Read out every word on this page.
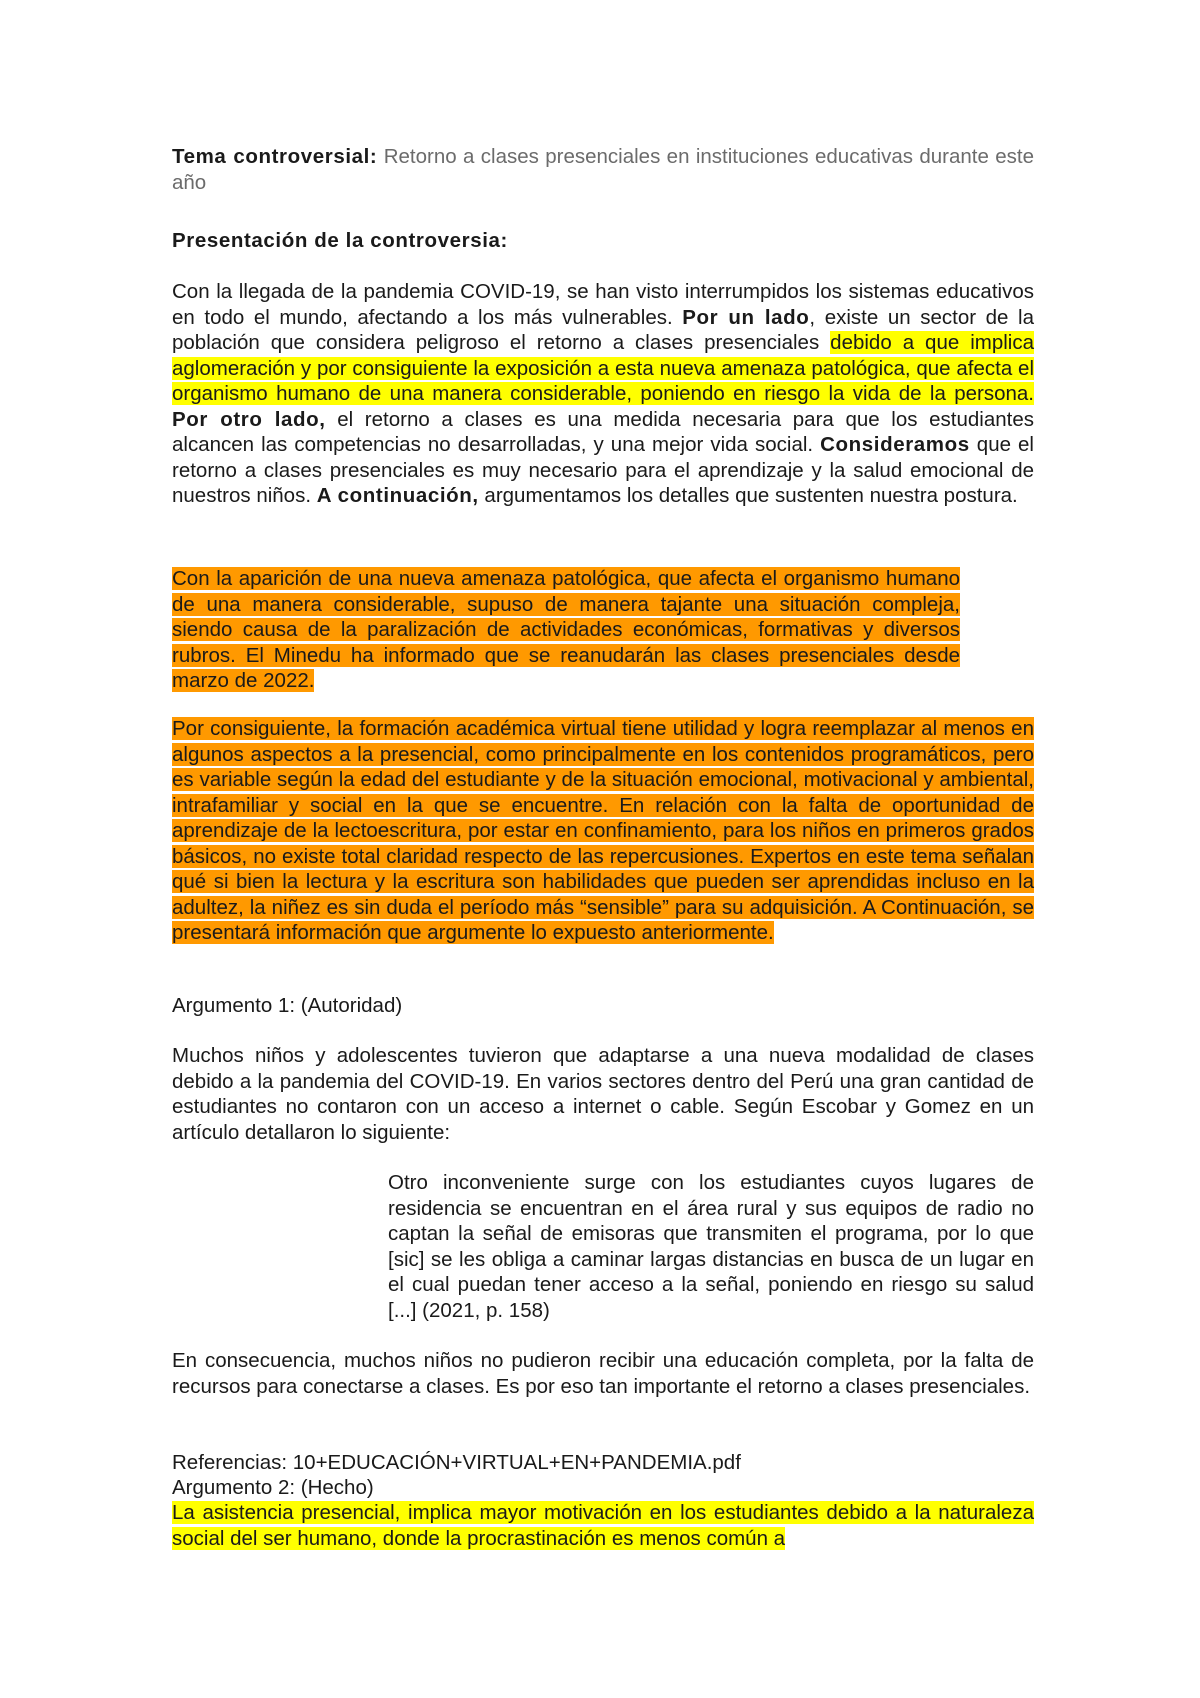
Tema controversial: Retorno a clases presenciales en instituciones educativas durante este año

Presentación de la controversia:

Con la llegada de la pandemia COVID-19, se han visto interrumpidos los sistemas educativos en todo el mundo, afectando a los más vulnerables. Por un lado, existe un sector de la población que considera peligroso el retorno a clases presenciales debido a que implica aglomeración y por consiguiente la exposición a esta nueva amenaza patológica, que afecta el organismo humano de una manera considerable, poniendo en riesgo la vida de la persona. Por otro lado, el retorno a clases es una medida necesaria para que los estudiantes alcancen las competencias no desarrolladas, y una mejor vida social. Consideramos que el retorno a clases presenciales es muy necesario para el aprendizaje y la salud emocional de nuestros niños. A continuación, argumentamos los detalles que sustenten nuestra postura.

Con la aparición de una nueva amenaza patológica, que afecta el organismo humano de una manera considerable, supuso de manera tajante una situación compleja, siendo causa de la paralización de actividades económicas, formativas y diversos rubros. El Minedu ha informado que se reanudarán las clases presenciales desde marzo de 2022.

Por consiguiente, la formación académica virtual tiene utilidad y logra reemplazar al menos en algunos aspectos a la presencial, como principalmente en los contenidos programáticos, pero es variable según la edad del estudiante y de la situación emocional, motivacional y ambiental, intrafamiliar y social en la que se encuentre. En relación con la falta de oportunidad de aprendizaje de la lectoescritura, por estar en confinamiento, para los niños en primeros grados básicos, no existe total claridad respecto de las repercusiones. Expertos en este tema señalan qué si bien la lectura y la escritura son habilidades que pueden ser aprendidas incluso en la adultez, la niñez es sin duda el período más “sensible” para su adquisición. A Continuación, se presentará información que argumente lo expuesto anteriormente.

Argumento 1: (Autoridad)

Muchos niños y adolescentes tuvieron que adaptarse a una nueva modalidad de clases debido a la pandemia del COVID-19. En varios sectores dentro del Perú una gran cantidad de estudiantes no contaron con un acceso a internet o cable. Según Escobar y Gomez en un artículo detallaron lo siguiente:

Otro inconveniente surge con los estudiantes cuyos lugares de residencia se encuentran en el área rural y sus equipos de radio no captan la señal de emisoras que transmiten el programa, por lo que [sic] se les obliga a caminar largas distancias en busca de un lugar en el cual puedan tener acceso a la señal, poniendo en riesgo su salud [...] (2021, p. 158)

En consecuencia, muchos niños no pudieron recibir una educación completa, por la falta de recursos para conectarse a clases. Es por eso tan importante el retorno a clases presenciales.

Referencias: 10+EDUCACIÓN+VIRTUAL+EN+PANDEMIA.pdf

Argumento 2: (Hecho)

La asistencia presencial, implica mayor motivación en los estudiantes debido a la naturaleza social del ser humano, donde la procrastinación es menos común a
